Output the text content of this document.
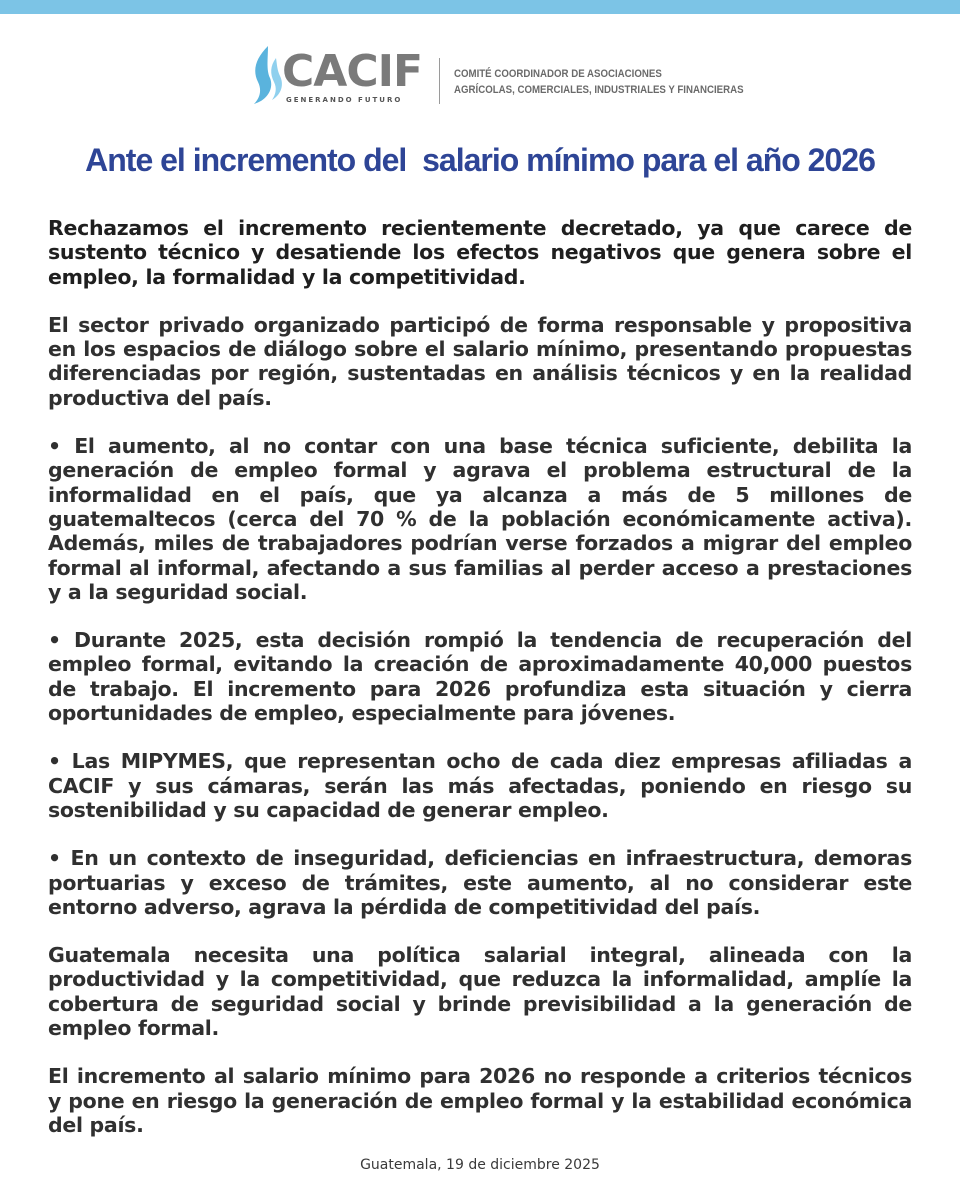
CACIF
GENERANDO FUTURO
COMITÉ COORDINADOR DE ASOCIACIONES
AGRÍCOLAS, COMERCIALES, INDUSTRIALES Y FINANCIERAS
Ante el incremento del  salario mínimo para el año 2026

Rechazamos el incremento recientemente decretado, ya que carece de sustento técnico y desatiende los efectos negativos que genera sobre el empleo, la formalidad y la competitividad.

El sector privado organizado participó de forma responsable y propositiva en los espacios de diálogo sobre el salario mínimo, presentando propuestas diferenciadas por región, sustentadas en análisis técnicos y en la realidad productiva del país.

• El aumento, al no contar con una base técnica suficiente, debilita la generación de empleo formal y agrava el problema estructural de la informalidad en el país, que ya alcanza a más de 5 millones de guatemaltecos (cerca del 70 % de la población económicamente activa). Además, miles de trabajadores podrían verse forzados a migrar del empleo formal al informal, afectando a sus familias al perder acceso a prestaciones y a la seguridad social.

• Durante 2025, esta decisión rompió la tendencia de recuperación del empleo formal, evitando la creación de aproximadamente 40,000 puestos de trabajo. El incremento para 2026 profundiza esta situación y cierra oportunidades de empleo, especialmente para jóvenes.

• Las MIPYMES, que representan ocho de cada diez empresas afiliadas a CACIF y sus cámaras, serán las más afectadas, poniendo en riesgo su sostenibilidad y su capacidad de generar empleo.

• En un contexto de inseguridad, deficiencias en infraestructura, demoras portuarias y exceso de trámites, este aumento, al no considerar este entorno adverso, agrava la pérdida de competitividad del país.

Guatemala necesita una política salarial integral, alineada con la productividad y la competitividad, que reduzca la informalidad, amplíe la cobertura de seguridad social y brinde previsibilidad a la generación de empleo formal.

El incremento al salario mínimo para 2026 no responde a criterios técnicos y pone en riesgo la generación de empleo formal y la estabilidad económica del país.

Guatemala, 19 de diciembre 2025
